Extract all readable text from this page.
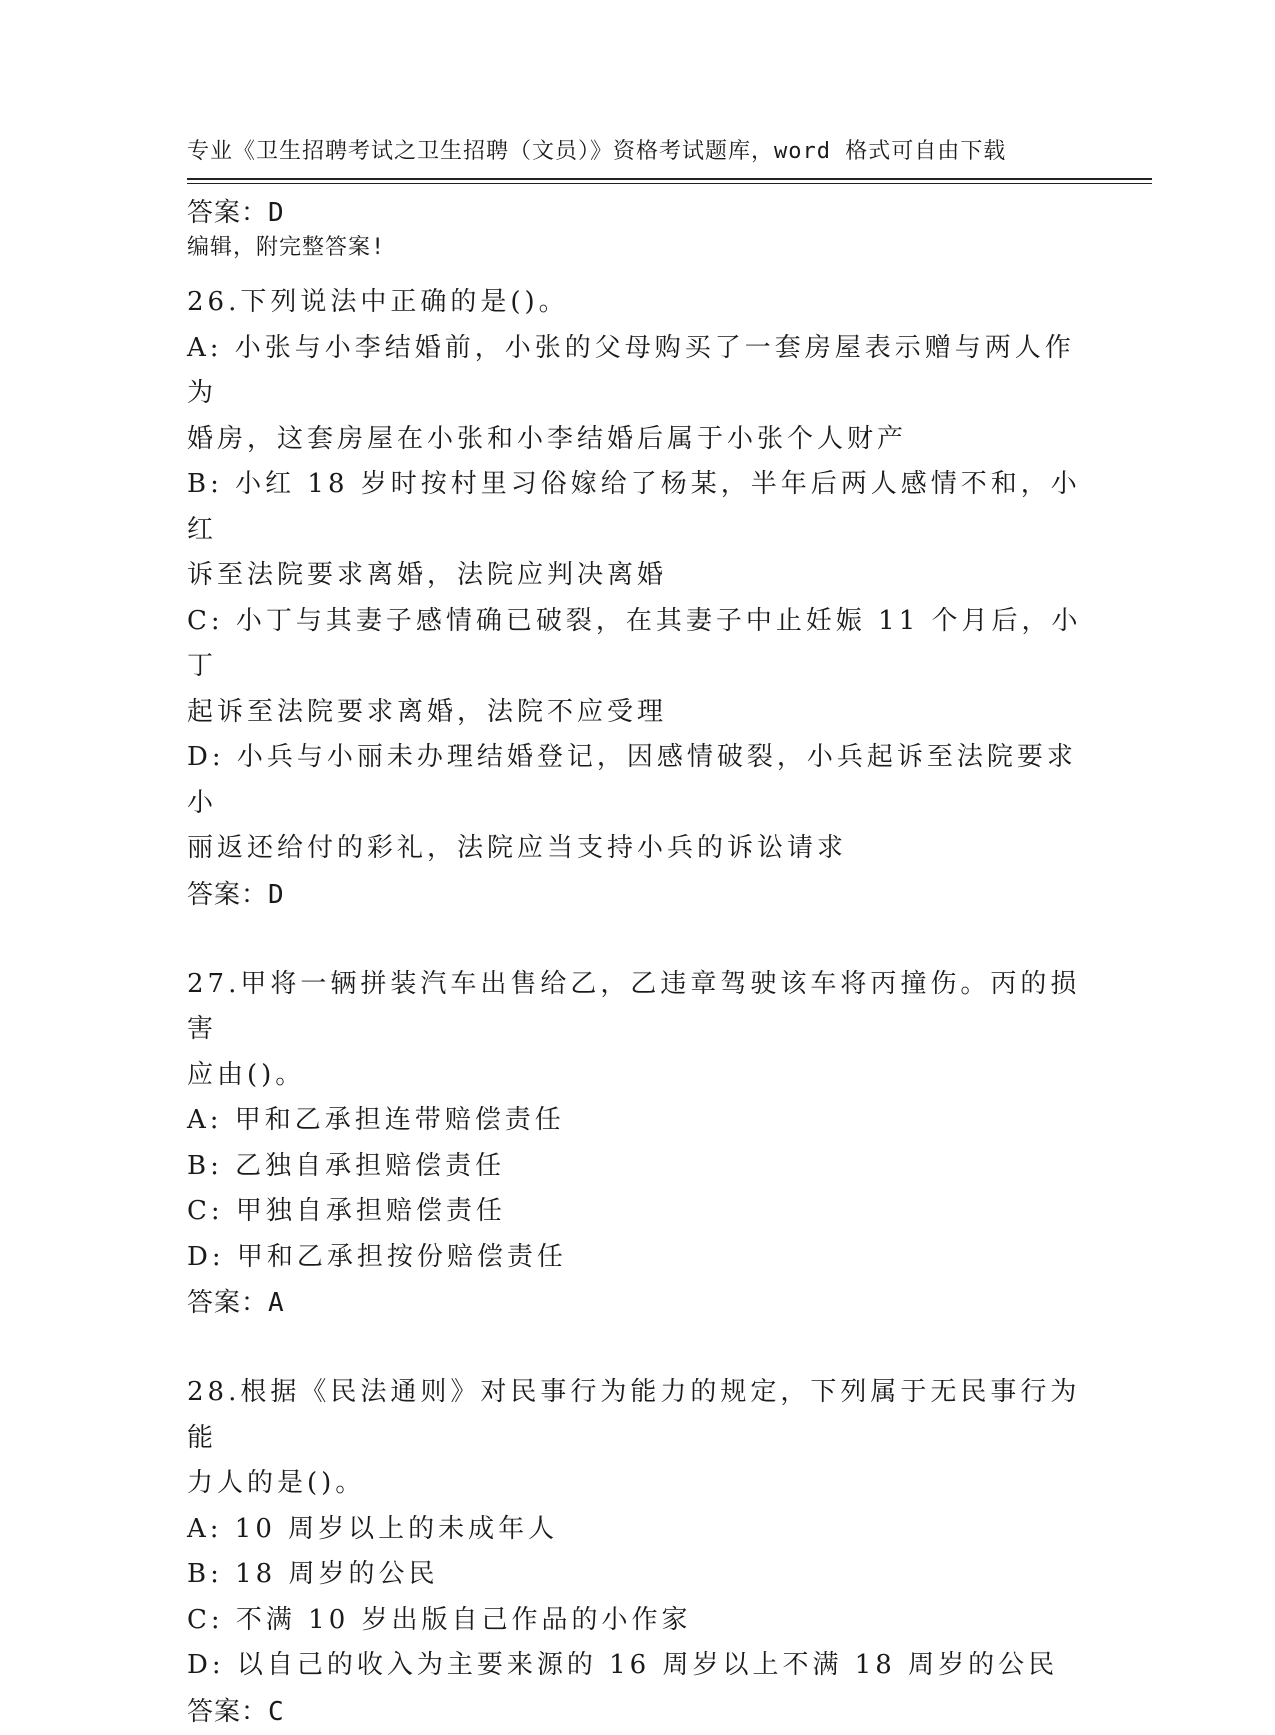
专业《卫生招聘考试之卫生招聘（文员）》资格考试题库，word 格式可自由下载

编辑，附完整答案!

答案：D

26.下列说法中正确的是()。

A: 小张与小李结婚前，小张的父母购买了一套房屋表示赠与两人作为

婚房，这套房屋在小张和小李结婚后属于小张个人财产

B: 小红 18 岁时按村里习俗嫁给了杨某，半年后两人感情不和，小红

诉至法院要求离婚，法院应判决离婚

C: 小丁与其妻子感情确已破裂，在其妻子中止妊娠 11 个月后，小丁

起诉至法院要求离婚，法院不应受理

D: 小兵与小丽未办理结婚登记，因感情破裂，小兵起诉至法院要求小

丽返还给付的彩礼，法院应当支持小兵的诉讼请求

答案：D

27.甲将一辆拼装汽车出售给乙，乙违章驾驶该车将丙撞伤。丙的损害

应由()。

A: 甲和乙承担连带赔偿责任

B: 乙独自承担赔偿责任

C: 甲独自承担赔偿责任

D: 甲和乙承担按份赔偿责任

答案：A

28.根据《民法通则》对民事行为能力的规定，下列属于无民事行为能

力人的是()。

A: 10 周岁以上的未成年人

B: 18 周岁的公民

C: 不满 10 岁出版自己作品的小作家

D: 以自己的收入为主要来源的 16 周岁以上不满 18 周岁的公民

答案：C
